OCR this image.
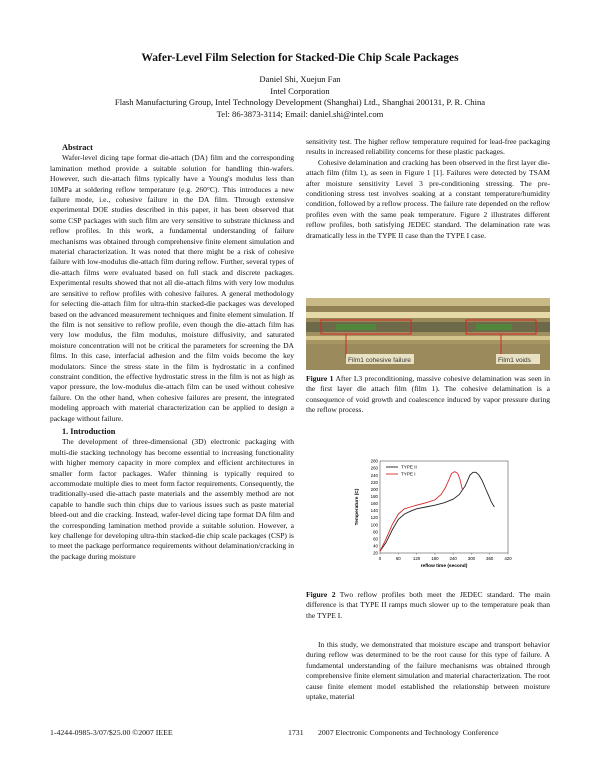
Wafer-Level Film Selection for Stacked-Die Chip Scale Packages
Daniel Shi, Xuejun Fan
Intel Corporation
Flash Manufacturing Group, Intel Technology Development (Shanghai) Ltd., Shanghai 200131, P. R. China
Tel: 86-3873-3114; Email: daniel.shi@intel.com

Abstract

Wafer-level dicing tape format die-attach (DA) film and the corresponding lamination method provide a suitable solution for handling thin-wafers. However, such die-attach films typically have a Young's modulus less than 10MPa at soldering reflow temperature (e.g. 260°C). This introduces a new failure mode, i.e., cohesive failure in the DA film. Through extensive experimental DOE studies described in this paper, it has been observed that some CSP packages with such film are very sensitive to substrate thickness and reflow profiles. In this work, a fundamental understanding of failure mechanisms was obtained through comprehensive finite element simulation and material characterization. It was noted that there might be a risk of cohesive failure with low-modulus die-attach film during reflow. Further, several types of die-attach films were evaluated based on full stack and discrete packages. Experimental results showed that not all die-attach films with very low modulus are sensitive to reflow profiles with cohesive failures. A general methodology for selecting die-attach film for ultra-thin stacked-die packages was developed based on the advanced measurement techniques and finite element simulation. If the film is not sensitive to reflow profile, even though the die-attach film has very low modulus, the film modulus, moisture diffusivity, and saturated moisture concentration will not be critical the parameters for screening the DA films. In this case, interfacial adhesion and the film voids become the key modulators. Since the stress state in the film is hydrostatic in a confined constraint condition, the effective hydrostatic stress in the film is not as high as vapor pressure, the low-modulus die-attach film can be used without cohesive failure. On the other hand, when cohesive failures are present, the integrated modeling approach with material characterization can be applied to design a package without failure.

1. Introduction

The development of three-dimensional (3D) electronic packaging with multi-die stacking technology has become essential to increasing functionality with higher memory capacity in more complex and efficient architectures in smaller form factor packages. Wafer thinning is typically required to accommodate multiple dies to meet form factor requirements. Consequently, the traditionally-used die-attach paste materials and the assembly method are not capable to handle such thin chips due to various issues such as paste material bleed-out and die cracking. Instead, wafer-level dicing tape format DA film and the corresponding lamination method provide a suitable solution. However, a key challenge for developing ultra-thin stacked-die chip scale packages (CSP) is to meet the package performance requirements without delamination/cracking in the package during moisture

sensitivity test. The higher reflow temperature required for lead-free packaging results in increased reliability concerns for these plastic packages.

Cohesive delamination and cracking has been observed in the first layer die-attach film (film 1), as seen in Figure 1 [1]. Failures were detected by TSAM after moisture sensitivity Level 3 pre-conditioning stressing. The pre-conditioning stress test involves soaking at a constant temperature/humidity condition, followed by a reflow process. The failure rate depended on the reflow profiles even with the same peak temperature. Figure 2 illustrates different reflow profiles, both satisfying JEDEC standard. The delamination rate was dramatically less in the TYPE II case than the TYPE I case.

Film1 cohesive failure	Film1 voids

Figure 1 After L3 preconditioning, massive cohesive delamination was seen in the first layer die attach film (film 1). The cohesive delamination is a consequence of void growth and coalescence induced by vapor pressure during the reflow process.

20
40
60
80
100
120
140
160
180
200
220
240
260
280
0	60	120 180 240 300 360 420
reflow time (second)
Temperature (C)
TYPE II
TYPE I

Figure 2 Two reflow profiles both meet the JEDEC standard. The main difference is that TYPE II ramps much slower up to the temperature peak than the TYPE I.

In this study, we demonstrated that moisture escape and transport behavior during reflow was determined to be the root cause for this type of failure. A fundamental understanding of the failure mechanisms was obtained through comprehensive finite element simulation and material characterization. The root cause finite element model established the relationship between moisture uptake, material

1-4244-0985-3/07/$25.00 ©2007 IEEE	1731 2007 Electronic Components and Technology Conference
